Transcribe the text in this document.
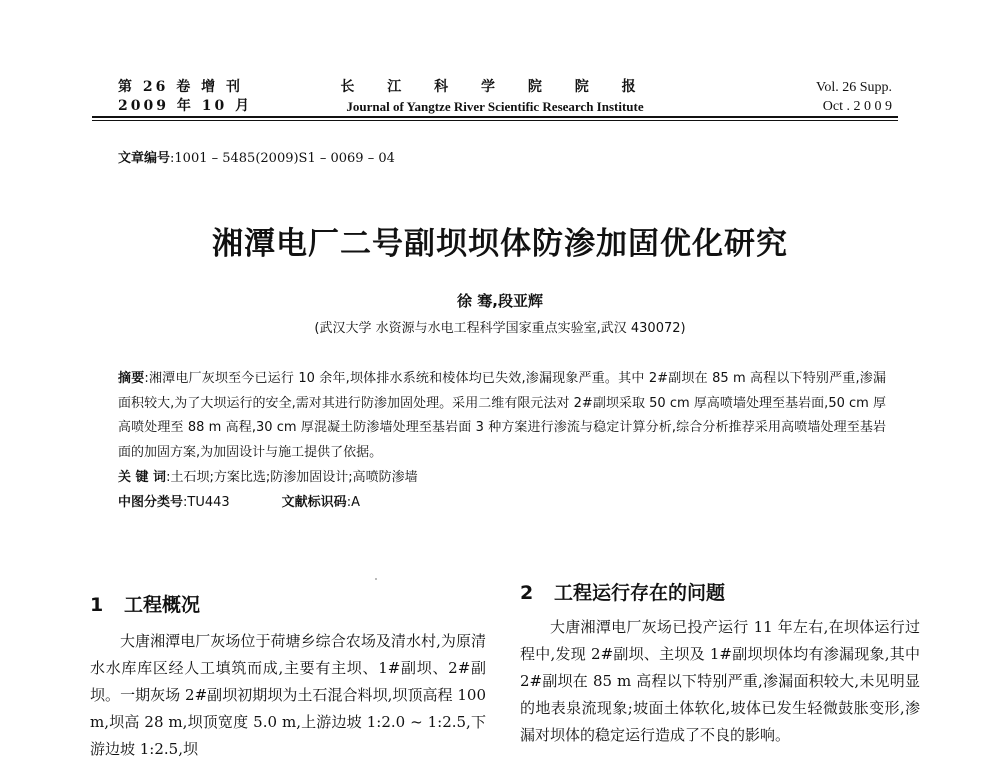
第 26 卷 增 刊
2009 年 10 月
长 江 科 学 院 院 报
Journal of Yangtze River Scientific Research Institute
Vol. 26 Supp.
Oct . 2 0 0 9
文章编号:1001 – 5485(2009)S1 – 0069 – 04
湘潭电厂二号副坝坝体防渗加固优化研究
徐 骞,段亚辉
(武汉大学 水资源与水电工程科学国家重点实验室,武汉 430072)
摘要:湘潭电厂灰坝至今已运行 10 余年,坝体排水系统和棱体均已失效,渗漏现象严重。其中 2#副坝在 85 m 高程以下特别严重,渗漏面积较大,为了大坝运行的安全,需对其进行防渗加固处理。采用二维有限元法对 2#副坝采取 50 cm 厚高喷墙处理至基岩面,50 cm 厚高喷处理至 88 m 高程,30 cm 厚混凝土防渗墙处理至基岩面 3 种方案进行渗流与稳定计算分析,综合分析推荐采用高喷墙处理至基岩面的加固方案,为加固设计与施工提供了依据。
关 键 词:土石坝;方案比选;防渗加固设计;高喷防渗墙
中图分类号:TU443	文献标识码:A
1 工程概况

大唐湘潭电厂灰场位于荷塘乡综合农场及清水村,为原清水水库库区经人工填筑而成,主要有主坝、1#副坝、2#副坝。一期灰场 2#副坝初期坝为土石混合料坝,坝顶高程 100 m,坝高 28 m,坝顶宽度 5.0 m,上游边坡 1:2.0 ~ 1:2.5,下游边坡 1:2.5,坝

2 工程运行存在的问题

大唐湘潭电厂灰场已投产运行 11 年左右,在坝体运行过程中,发现 2#副坝、主坝及 1#副坝坝体均有渗漏现象,其中 2#副坝在 85 m 高程以下特别严重,渗漏面积较大,未见明显的地表泉流现象;坡面土体软化,坡体已发生轻微鼓胀变形,渗漏对坝体的稳定运行造成了不良的影响。
